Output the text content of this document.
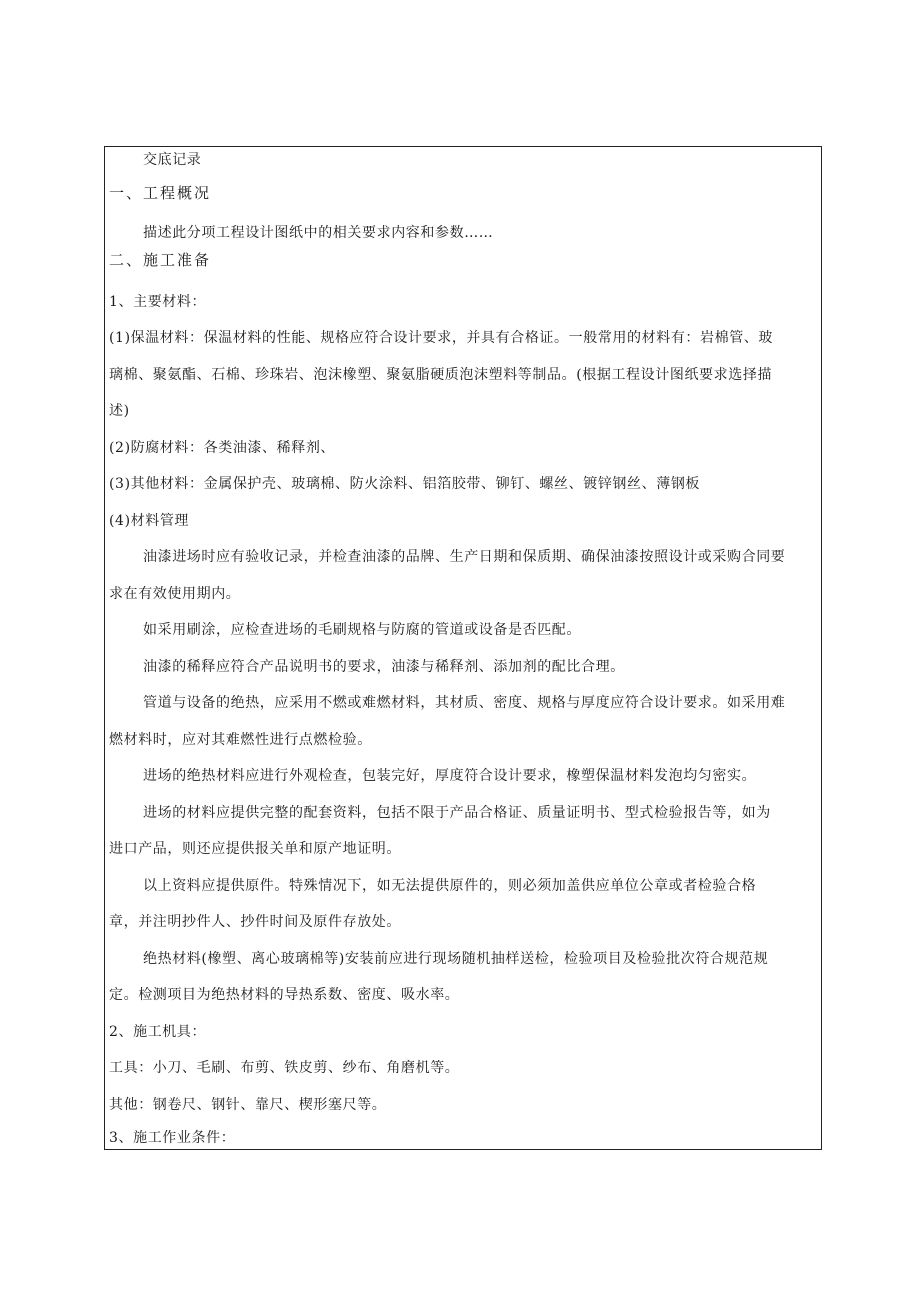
交底记录
一、工程概况
描述此分项工程设计图纸中的相关要求内容和参数……
二、施工准备
1、主要材料：
(1)保温材料：保温材料的性能、规格应符合设计要求，并具有合格证。一般常用的材料有：岩棉管、玻
璃棉、聚氨酯、石棉、珍珠岩、泡沫橡塑、聚氨脂硬质泡沫塑料等制品。(根据工程设计图纸要求选择描
述)
(2)防腐材料：各类油漆、稀释剂、
(3)其他材料：金属保护壳、玻璃棉、防火涂料、铝箔胶带、铆钉、螺丝、镀锌钢丝、薄钢板
(4)材料管理
油漆进场时应有验收记录，并检查油漆的品牌、生产日期和保质期、确保油漆按照设计或采购合同要
求在有效使用期内。
如采用刷涂，应检查进场的毛刷规格与防腐的管道或设备是否匹配。
油漆的稀释应符合产品说明书的要求，油漆与稀释剂、添加剂的配比合理。
管道与设备的绝热，应采用不燃或难燃材料，其材质、密度、规格与厚度应符合设计要求。如采用难
燃材料时，应对其难燃性进行点燃检验。
进场的绝热材料应进行外观检查，包装完好，厚度符合设计要求，橡塑保温材料发泡均匀密实。
进场的材料应提供完整的配套资料，包括不限于产品合格证、质量证明书、型式检验报告等，如为
进口产品，则还应提供报关单和原产地证明。
以上资料应提供原件。特殊情况下，如无法提供原件的，则必须加盖供应单位公章或者检验合格
章，并注明抄件人、抄件时间及原件存放处。
绝热材料(橡塑、离心玻璃棉等)安装前应进行现场随机抽样送检，检验项目及检验批次符合规范规
定。检测项目为绝热材料的导热系数、密度、吸水率。
2、施工机具：
工具：小刀、毛刷、布剪、铁皮剪、纱布、角磨机等。
其他：钢卷尺、钢针、靠尺、楔形塞尺等。
3、施工作业条件：
